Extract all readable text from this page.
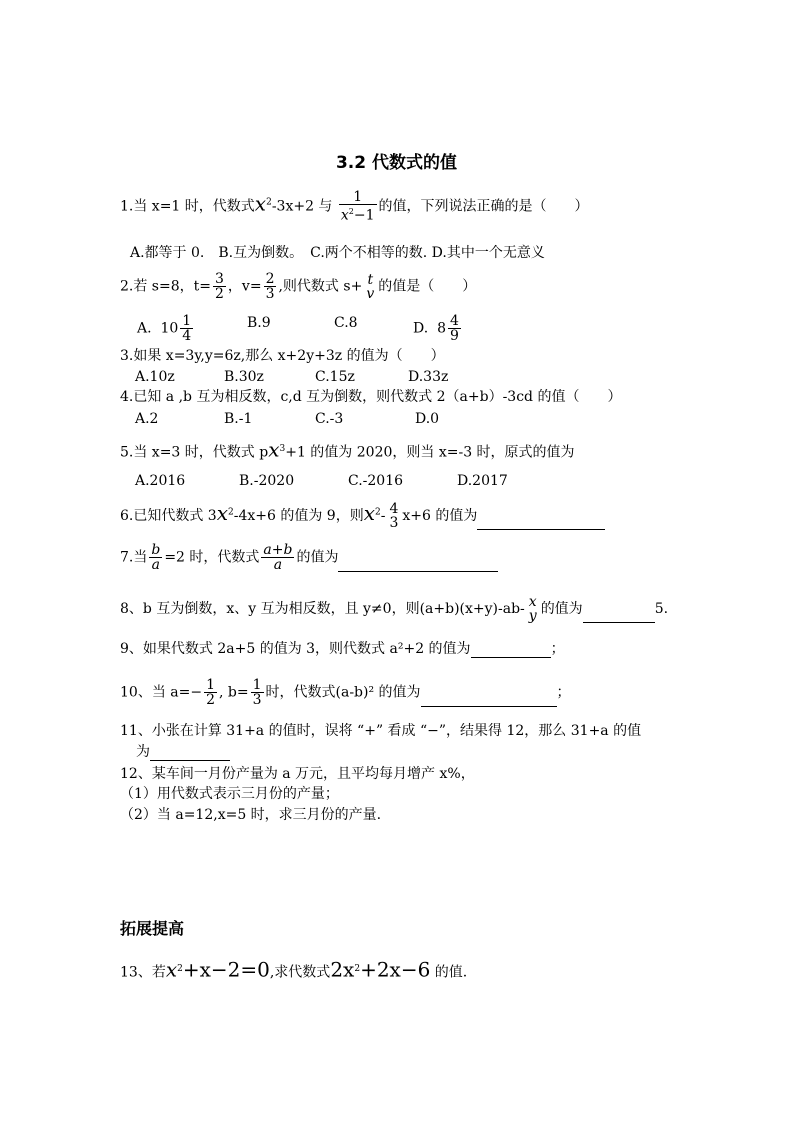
3.2 代数式的值
1.当 x=1 时，代数式$x^2-3x+2$ 与 $\frac{1}{x^2-1}$ 的值，下列说法正确的是（　　）
A.都等于 0.　B.互为倒数。　C.两个不相等的数. D.其中一个无意义
2.若 s=8，$t= \frac{3}{2}$ ，$v= \frac{2}{3}$ ,则代数式 s+ t
v 的值是（　　）
A. $10 \frac{1}{4}$	B.9	C.8	D. $8 \frac{4}{9}$
3.如果 x=3y,y=6z,那么 x+2y+3z 的值为（　　）
A.10z	B.30z	C.15z	D.33z
4.已知 a ,b 互为相反数，c,d 互为倒数，则代数式 2（a+b）-3cd 的值（　　）
A.2	B.-1	C.-3	D.0
5.当 x=3 时，代数式 $px^3+1$ 的值为 2020，则当 x=-3 时，原式的值为
A.2016	B.-2020	C.-2016	D.2017
6.已知代数式 $3x^2-4x+6$ 的值为 9，则$x^2-$ 4
3 x+6 的值为
7.当 $\frac{b}{a} =2$ 时，代数式 $\frac{a+b}{a}$ 的值为
8、b 互为倒数，x、y 互为相反数，且 y≠0，则(a+b)(x+y)-ab- x
y 的值为	5.
9、如果代数式 2a+5 的值为 3，则代数式 a²+2 的值为	；
10、当 $a=- \frac{1}{2}$ , $b= \frac{1}{3}$ 时，代数式(a-b)² 的值为	；
11、小张在计算 31+a 的值时，误将 “+” 看成 “−”，结果得 12，那么 31+a 的值
为
12、某车间一月份产量为 a 万元，且平均每月增产 x%，
（1）用代数式表示三月份的产量；
（2）当 a=12,x=5 时，求三月份的产量.
拓展提高
13、若$x^2+x-2=0$,求代数式$2x^2+2x-6$ 的值.
